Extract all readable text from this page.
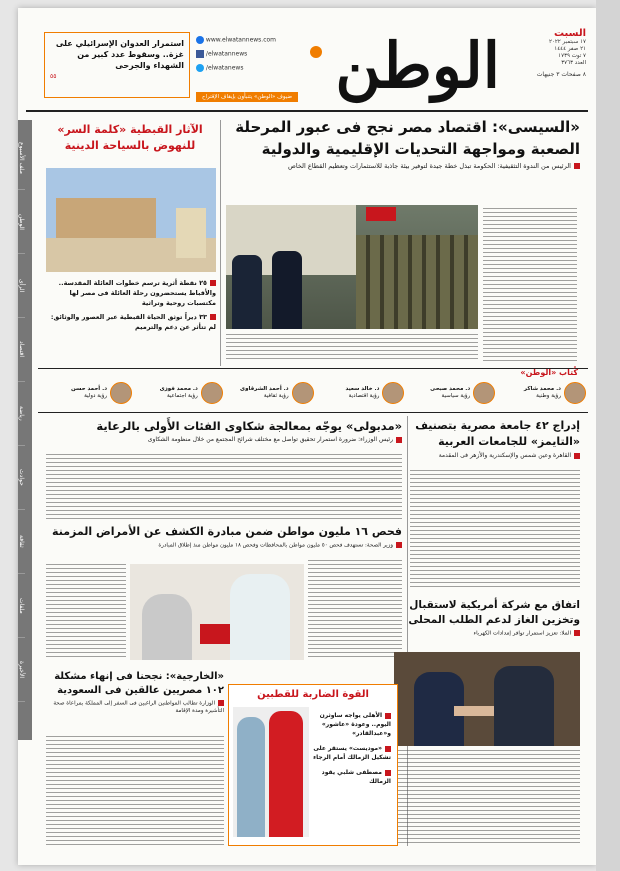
السبت
١٧ سبتمبر ٢٠٢٢
٢١ صفر ١٤٤٤
٧ توت ١٧٣٩
العدد ٣٧٦٣
٨ صفحات ٣ جنيهات
الوطن
www.elwatannews.com
/elwatannews
/elwatanews
استمرار العدوان الإسرائيلي على غزة.. وسقوط عدد كبير من الشهداء والجرحى
٥٥
ضيوف «الوطن» يتنبأون بإيقاف الإقتراح
«السيسى»: اقتصاد مصر نجح فى عبور المرحلة الصعبة ومواجهة التحديات الإقليمية والدولية
الرئيس من الندوة التثقيفية: الحكومة تبذل خطة جيدة لتوفير بيئة جاذبة للاستثمارات وتعظيم القطاع الخاص
الآثار القبطية «كلمة السر» للنهوض بالسياحة الدينية
٢٥ نقطة أثرية ترسم خطوات العائلة المقدسة.. والأقباط يستحضرون رحلة العائلة فى مصر لها مكتسبات روحية وتراثية
٣٣ ديراً توثق الحياة القبطية عبر العصور والوثائق: لم تتأثر عن دعم والترميم
ملف الأسبوع
الوطن
الرأى
اقتصاد
رياضة
حوادث
ثقافة
ملفات
الأخيرة
كُتاب «الوطن»
د. محمد شاكر
رؤية وطنية
د. محمد صبحى
رؤية سياسية
د. خالد سعيد
رؤية اقتصادية
د. أحمد الشرقاوى
رؤية ثقافية
د. محمد فوزى
رؤية اجتماعية
د. أحمد حسن
رؤية دولية
«مدبولى» يوجّه بمعالجة شكاوى الفئات الأَولى بالرعاية
رئيس الوزراء: ضرورة استمرار تحقيق تواصل مع مختلف شرائح المجتمع من خلال منظومة الشكاوى
إدراج ٤٢ جامعة مصرية بتصنيف «التايمز» للجامعات العربية
القاهرة وعين شمس والإسكندرية والأزهر فى المقدمة
فحص ١٦ مليون مواطن ضمن مبادرة الكشف عن الأمراض المزمنة
وزير الصحة: تستهدف فحص ٥٠ مليون مواطن بالمحافظات وفحص ١٨ مليون مواطن منذ إطلاق المبادرة
اتفاق مع شركة أمريكية لاستقبال وتخزين الغاز لدعم الطلب المحلى
الملا: تعزيز استمرار توافر إمدادات الكهرباء
«الخارجية»: نجحنا فى إنهاء مشكلة ١٠٢ مصريين عالقين فى السعودية
الوزارة تطالب المواطنين الراغبين فى السفر إلى المملكة بمراعاة صحة التأشيرة ومدة الإقامة
القوة الضاربة للقطبين
الأهلى يواجه ساوثرن اليوم.. وعودة «عاشور» و«عبدالقادر»
«موديست» يستقر على تشكيل الزمالك أمام الرجاء
مصطفى شلبي يقود الزمالك
